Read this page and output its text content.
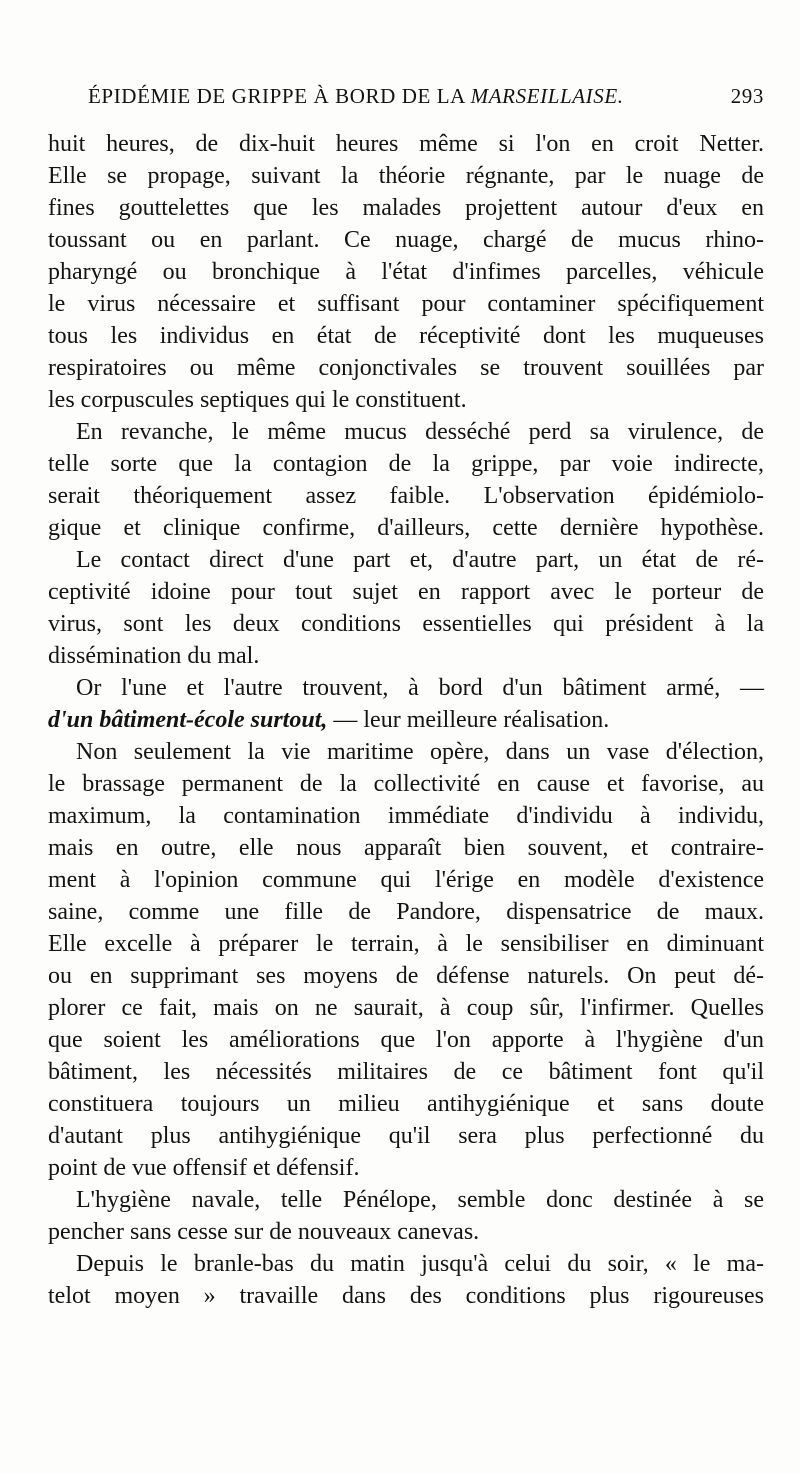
ÉPIDÉMIE DE GRIPPE À BORD DE LA MARSEILLAISE.	293
huit heures, de dix-huit heures même si l'on en croit Netter.
Elle se propage, suivant la théorie régnante, par le nuage de
fines gouttelettes que les malades projettent autour d'eux en
toussant ou en parlant. Ce nuage, chargé de mucus rhino-
pharyngé ou bronchique à l'état d'infimes parcelles, véhicule
le virus nécessaire et suffisant pour contaminer spécifiquement
tous les individus en état de réceptivité dont les muqueuses
respiratoires ou même conjonctivales se trouvent souillées par
les corpuscules septiques qui le constituent.
En revanche, le même mucus desséché perd sa virulence, de
telle sorte que la contagion de la grippe, par voie indirecte,
serait théoriquement assez faible. L'observation épidémiolo-
gique et clinique confirme, d'ailleurs, cette dernière hypothèse.
Le contact direct d'une part et, d'autre part, un état de ré-
ceptivité idoine pour tout sujet en rapport avec le porteur de
virus, sont les deux conditions essentielles qui président à la
dissémination du mal.
Or l'une et l'autre trouvent, à bord d'un bâtiment armé, —
d'un bâtiment-école surtout, — leur meilleure réalisation.
Non seulement la vie maritime opère, dans un vase d'élection,
le brassage permanent de la collectivité en cause et favorise, au
maximum, la contamination immédiate d'individu à individu,
mais en outre, elle nous apparaît bien souvent, et contraire-
ment à l'opinion commune qui l'érige en modèle d'existence
saine, comme une fille de Pandore, dispensatrice de maux.
Elle excelle à préparer le terrain, à le sensibiliser en diminuant
ou en supprimant ses moyens de défense naturels. On peut dé-
plorer ce fait, mais on ne saurait, à coup sûr, l'infirmer. Quelles
que soient les améliorations que l'on apporte à l'hygiène d'un
bâtiment, les nécessités militaires de ce bâtiment font qu'il
constituera toujours un milieu antihygiénique et sans doute
d'autant plus antihygiénique qu'il sera plus perfectionné du
point de vue offensif et défensif.
L'hygiène navale, telle Pénélope, semble donc destinée à se
pencher sans cesse sur de nouveaux canevas.
Depuis le branle-bas du matin jusqu'à celui du soir, « le ma-
telot moyen » travaille dans des conditions plus rigoureuses
